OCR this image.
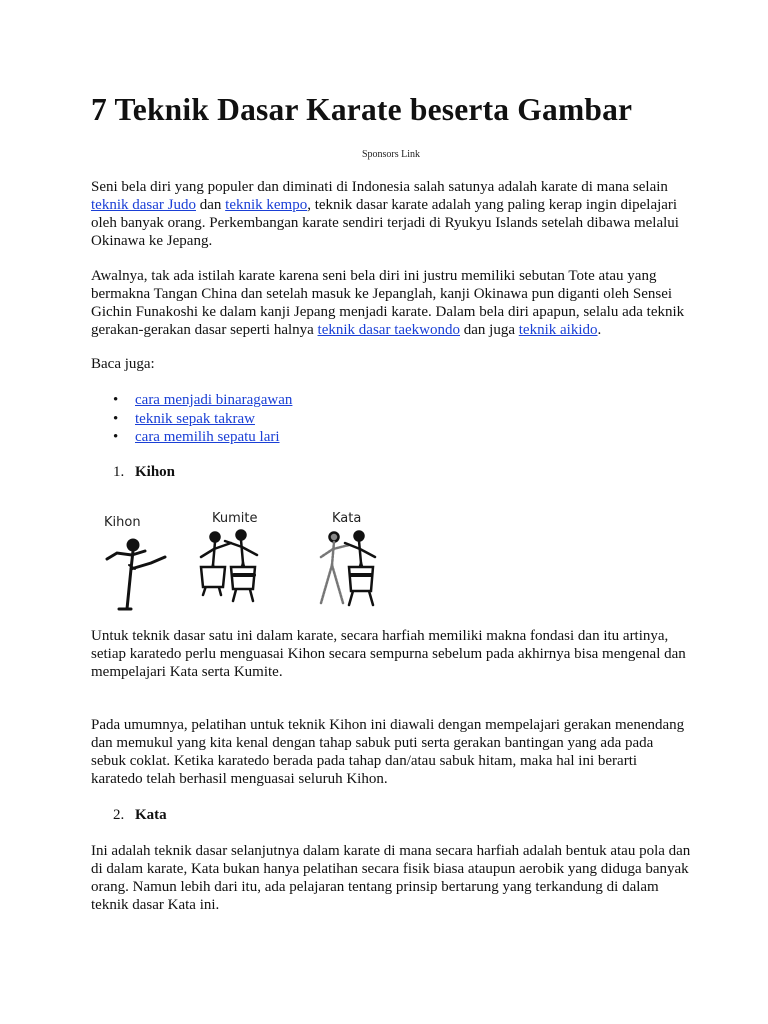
7 Teknik Dasar Karate beserta Gambar
Sponsors Link

Seni bela diri yang populer dan diminati di Indonesia salah satunya adalah karate di mana selain teknik dasar Judo dan teknik kempo, teknik dasar karate adalah yang paling kerap ingin dipelajari oleh banyak orang. Perkembangan karate sendiri terjadi di Ryukyu Islands setelah dibawa melalui Okinawa ke Jepang.

Awalnya, tak ada istilah karate karena seni bela diri ini justru memiliki sebutan Tote atau yang bermakna Tangan China dan setelah masuk ke Jepanglah, kanji Okinawa pun diganti oleh Sensei Gichin Funakoshi ke dalam kanji Jepang menjadi karate. Dalam bela diri apapun, selalu ada teknik gerakan-gerakan dasar seperti halnya teknik dasar taekwondo dan juga teknik aikido.

Baca juga:

• cara menjadi binaragawan
• teknik sepak takraw
• cara memilih sepatu lari
1. Kihon
Kihon	Kumite	Kata

Untuk teknik dasar satu ini dalam karate, secara harfiah memiliki makna fondasi dan itu artinya, setiap karatedo perlu menguasai Kihon secara sempurna sebelum pada akhirnya bisa mengenal dan mempelajari Kata serta Kumite.

Pada umumnya, pelatihan untuk teknik Kihon ini diawali dengan mempelajari gerakan menendang dan memukul yang kita kenal dengan tahap sabuk puti serta gerakan bantingan yang ada pada sebuk coklat. Ketika karatedo berada pada tahap dan/atau sabuk hitam, maka hal ini berarti karatedo telah berhasil menguasai seluruh Kihon.

2. Kata

Ini adalah teknik dasar selanjutnya dalam karate di mana secara harfiah adalah bentuk atau pola dan di dalam karate, Kata bukan hanya pelatihan secara fisik biasa ataupun aerobik yang diduga banyak orang. Namun lebih dari itu, ada pelajaran tentang prinsip bertarung yang terkandung di dalam teknik dasar Kata ini.
